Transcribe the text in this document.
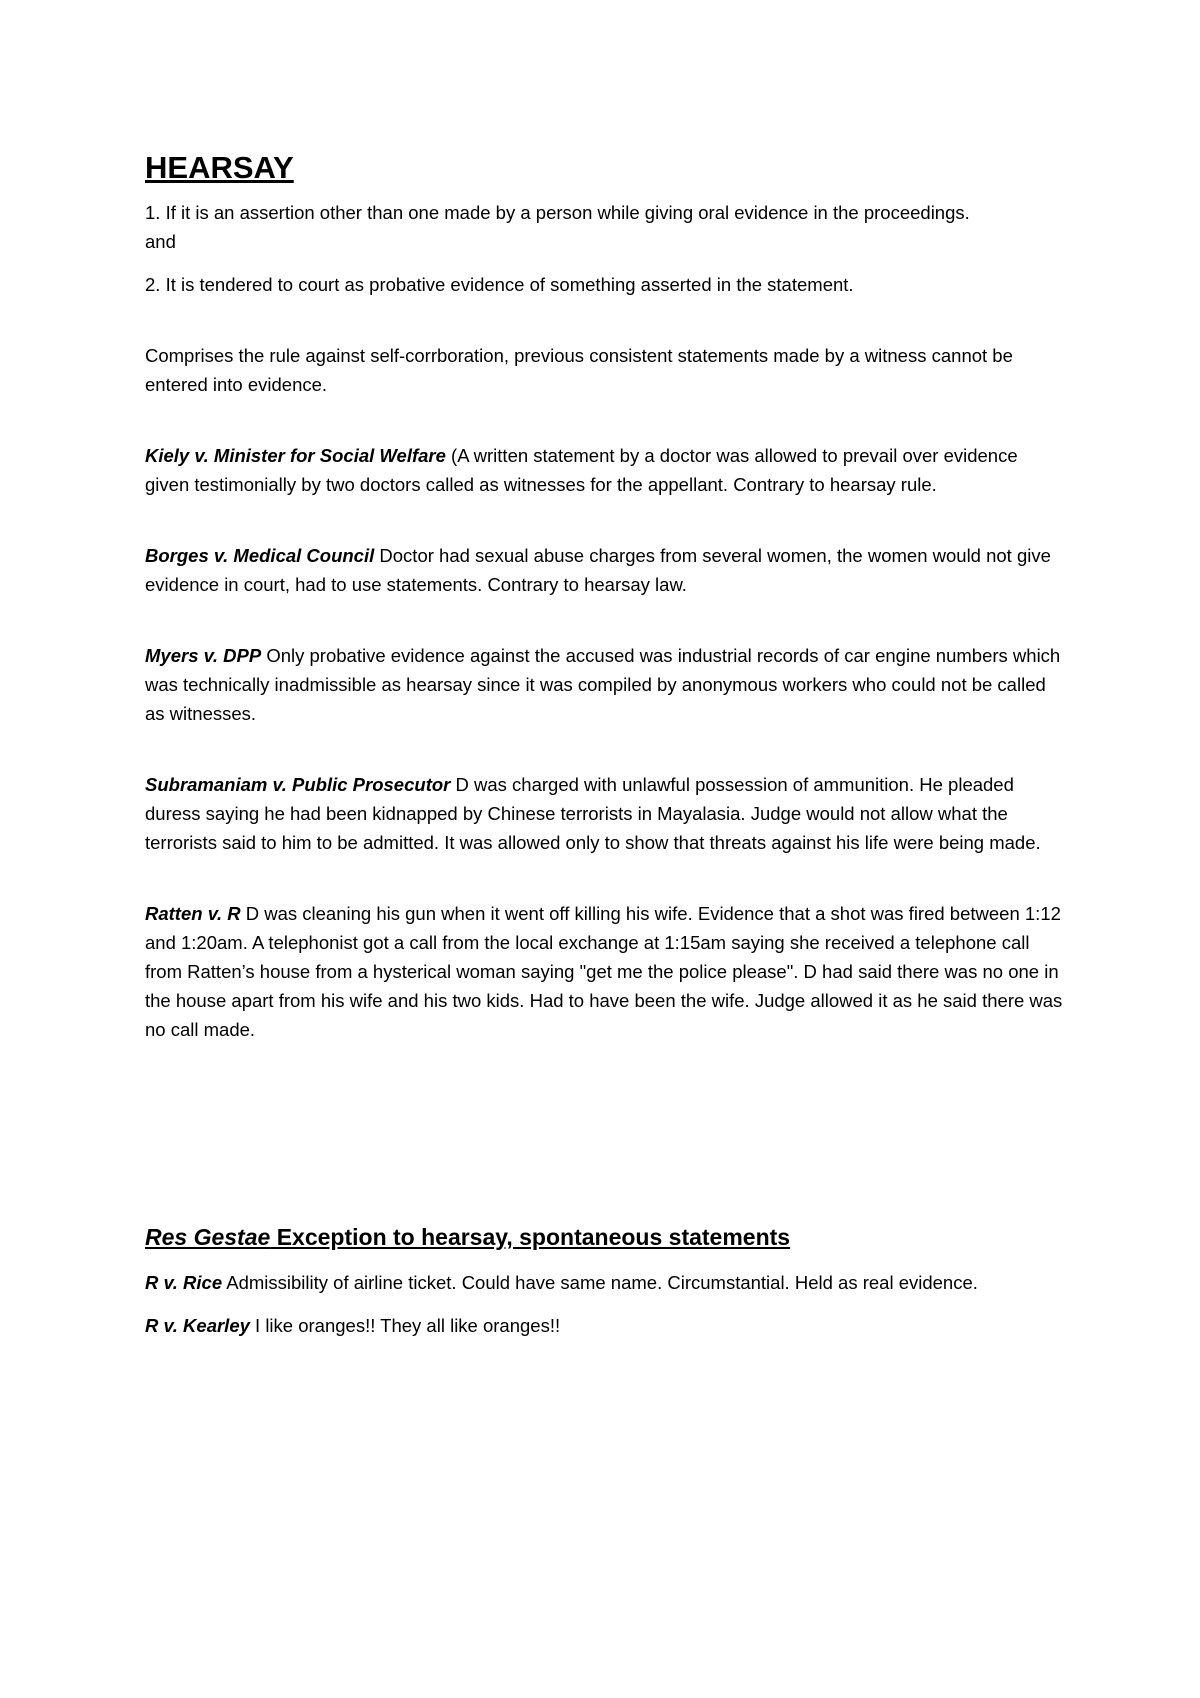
HEARSAY

1. If it is an assertion other than one made by a person while giving oral evidence in the proceedings.

and

2. It is tendered to court as probative evidence of something asserted in the statement.

Comprises the rule against self-corrboration, previous consistent statements made by a witness cannot be entered into evidence.

Kiely v. Minister for Social Welfare (A written statement by a doctor was allowed to prevail over evidence given testimonially by two doctors called as witnesses for the appellant. Contrary to hearsay rule.

Borges v. Medical Council Doctor had sexual abuse charges from several women, the women would not give evidence in court, had to use statements. Contrary to hearsay law.

Myers v. DPP Only probative evidence against the accused was industrial records of car engine numbers which was technically inadmissible as hearsay since it was compiled by anonymous workers who could not be called as witnesses.

Subramaniam v. Public Prosecutor D was charged with unlawful possession of ammunition. He pleaded duress saying he had been kidnapped by Chinese terrorists in Mayalasia. Judge would not allow what the terrorists said to him to be admitted. It was allowed only to show that threats against his life were being made.

Ratten v. R D was cleaning his gun when it went off killing his wife. Evidence that a shot was fired between 1:12 and 1:20am. A telephonist got a call from the local exchange at 1:15am saying she received a telephone call from Ratten’s house from a hysterical woman saying "get me the police please". D had said there was no one in the house apart from his wife and his two kids. Had to have been the wife. Judge allowed it as he said there was no call made.

Res Gestae Exception to hearsay, spontaneous statements

R v. Rice Admissibility of airline ticket. Could have same name. Circumstantial. Held as real evidence.

R v. Kearley I like oranges!! They all like oranges!!
